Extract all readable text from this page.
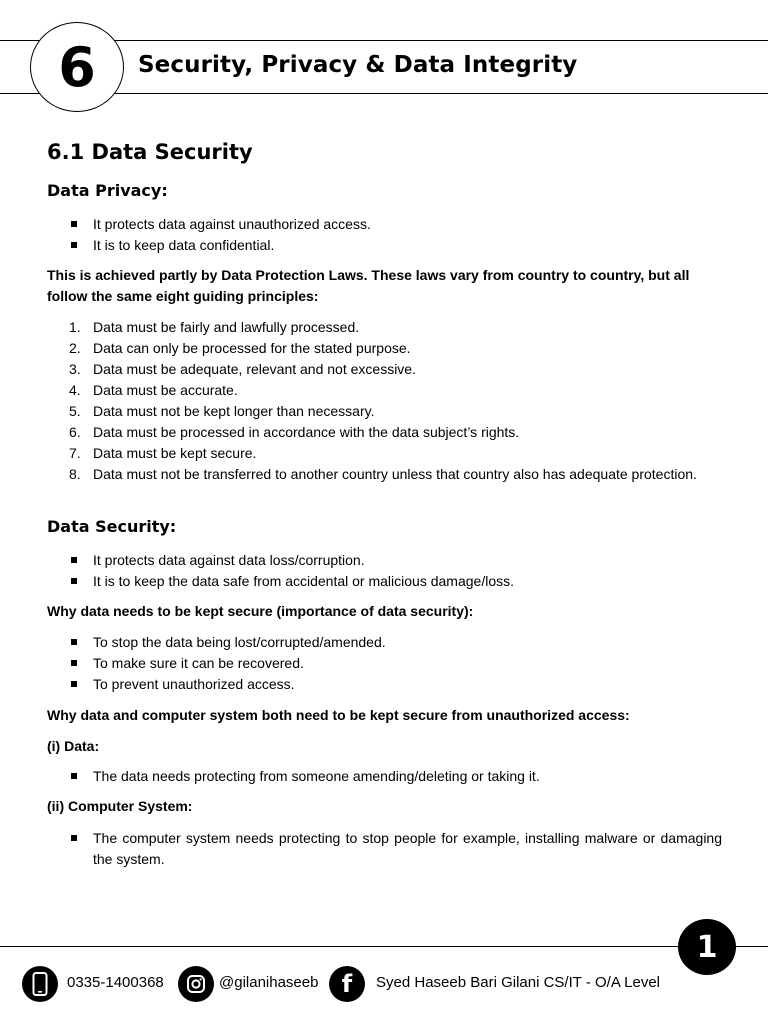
6	Security, Privacy & Data Integrity
6.1 Data Security
Data Privacy:
It protects data against unauthorized access.
It is to keep data confidential.
This is achieved partly by Data Protection Laws. These laws vary from country to country, but all follow the same eight guiding principles:
1. Data must be fairly and lawfully processed.
2. Data can only be processed for the stated purpose.
3. Data must be adequate, relevant and not excessive.
4. Data must be accurate.
5. Data must not be kept longer than necessary.
6. Data must be processed in accordance with the data subject’s rights.
7. Data must be kept secure.
8. Data must not be transferred to another country unless that country also has adequate protection.
Data Security:
It protects data against data loss/corruption.
It is to keep the data safe from accidental or malicious damage/loss.
Why data needs to be kept secure (importance of data security):
To stop the data being lost/corrupted/amended.
To make sure it can be recovered.
To prevent unauthorized access.
Why data and computer system both need to be kept secure from unauthorized access:
(i) Data:
The data needs protecting from someone amending/deleting or taking it.
(ii) Computer System:
The computer system needs protecting to stop people for example, installing malware or damaging the system.
1
0335-1400368	@gilanihaseeb f Syed Haseeb Bari Gilani CS/IT - O/A Level
